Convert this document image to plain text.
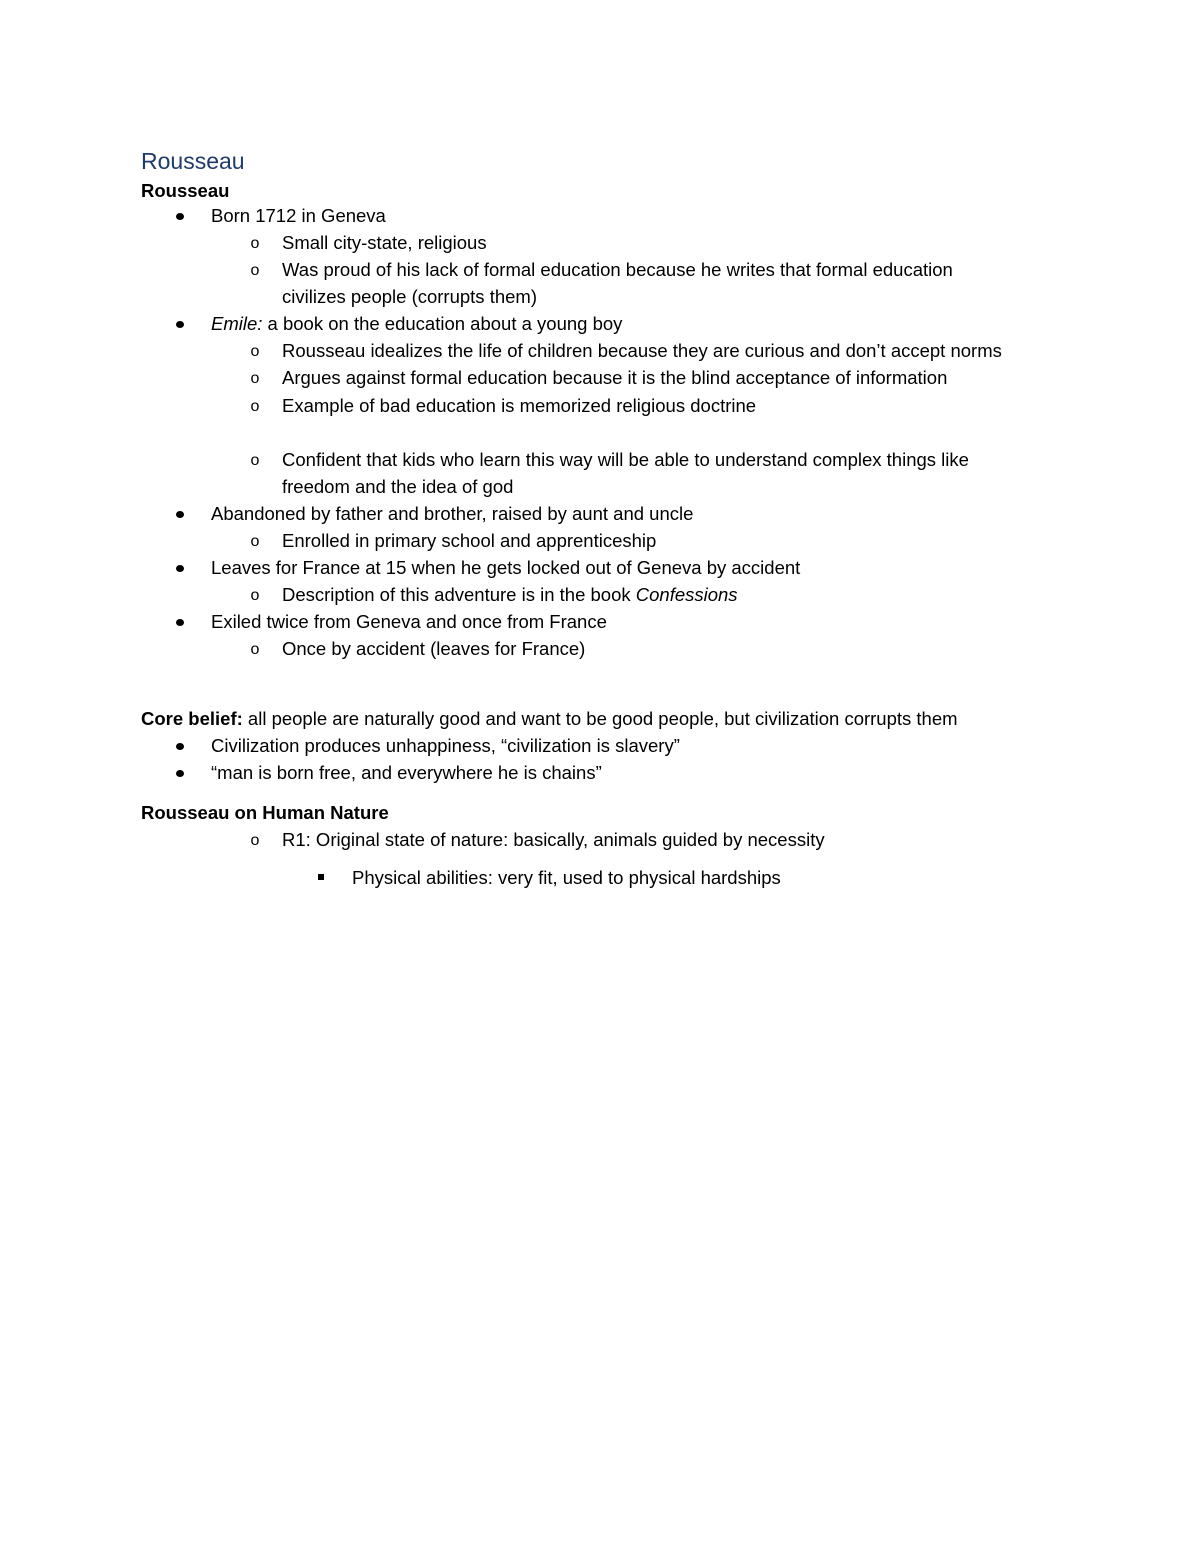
Rousseau
Rousseau
Born 1712 in Geneva
o Small city-state, religious
o Was proud of his lack of formal education because he writes that formal education
civilizes people (corrupts them)
Emile: a book on the education about a young boy
o Rousseau idealizes the life of children because they are curious and don’t accept norms
o Argues against formal education because it is the blind acceptance of information
o Example of bad education is memorized religious doctrine
o Confident that kids who learn this way will be able to understand complex things like
freedom and the idea of god
Abandoned by father and brother, raised by aunt and uncle
o Enrolled in primary school and apprenticeship
Leaves for France at 15 when he gets locked out of Geneva by accident
o Description of this adventure is in the book Confessions
Exiled twice from Geneva and once from France
o Once by accident (leaves for France)
Core belief: all people are naturally good and want to be good people, but civilization corrupts them
Civilization produces unhappiness, “civilization is slavery”
“man is born free, and everywhere he is chains”
Rousseau on Human Nature
o R1: Original state of nature: basically, animals guided by necessity
Physical abilities: very fit, used to physical hardships
